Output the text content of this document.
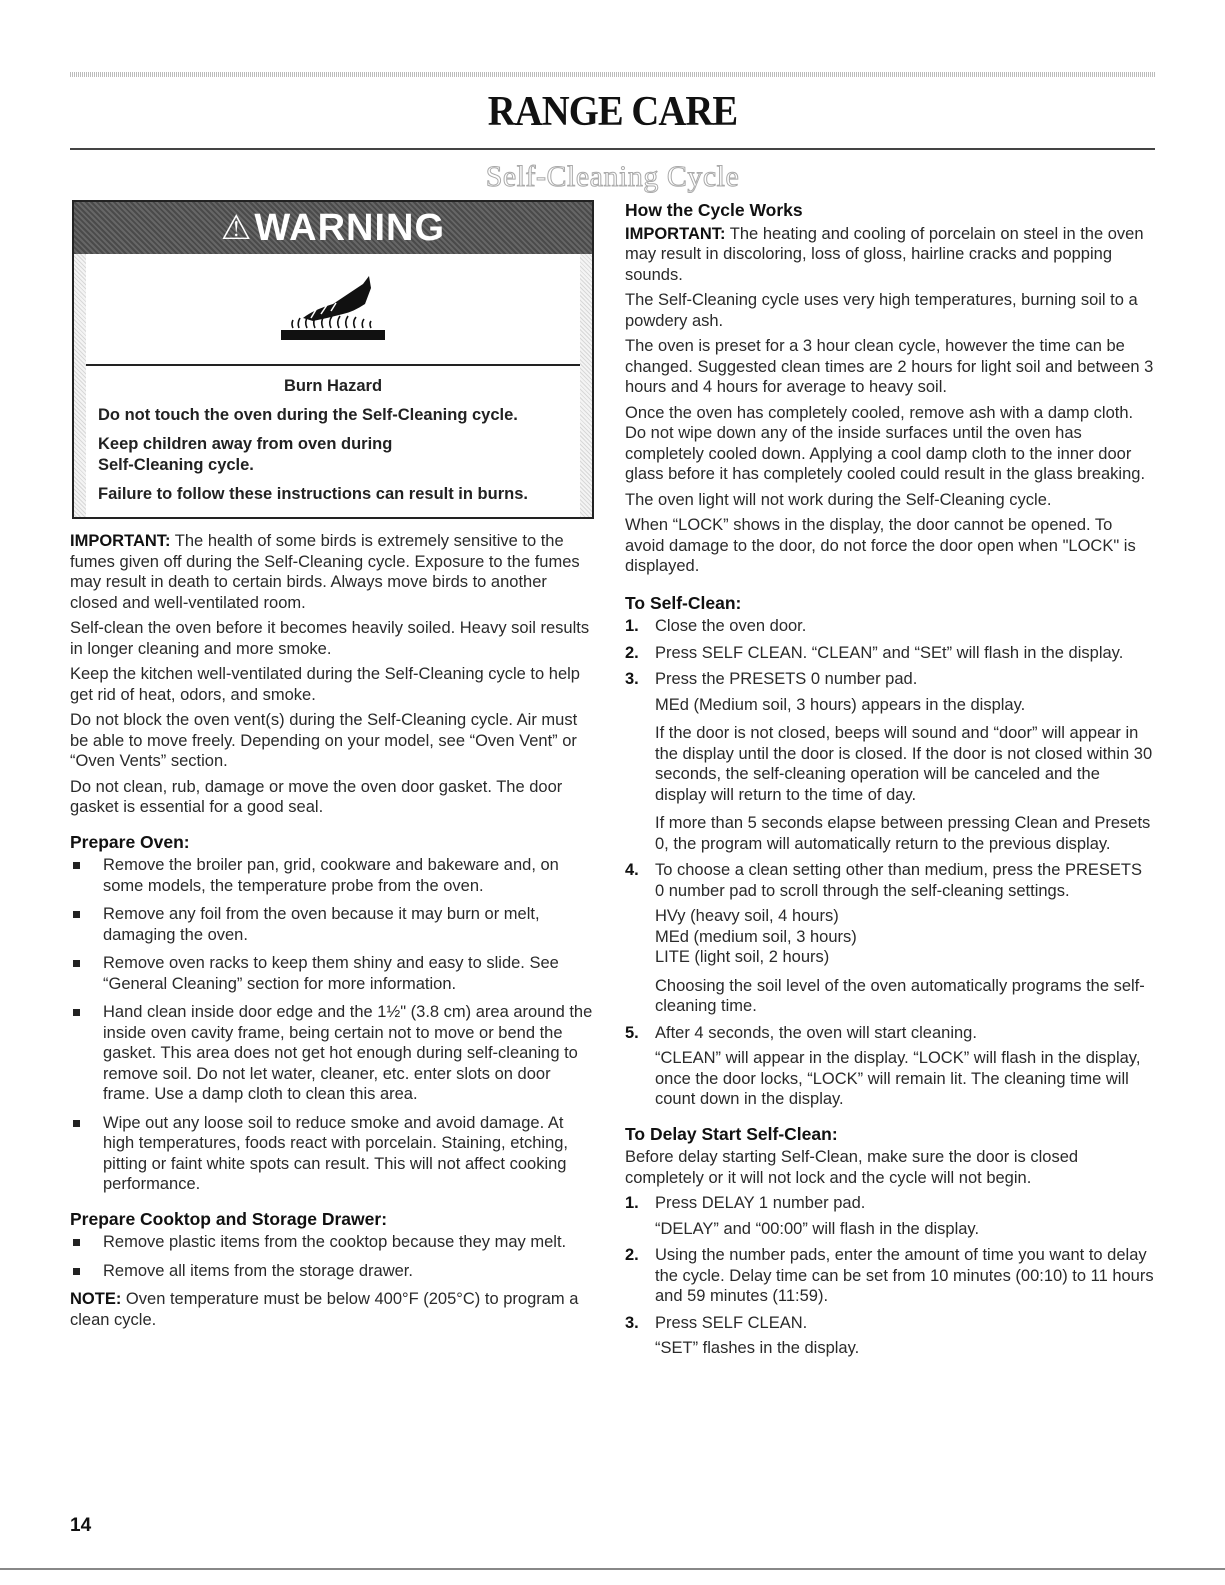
RANGE CARE
Self-Cleaning Cycle
⚠ WARNING
Burn Hazard

Do not touch the oven during the Self-Cleaning cycle.

Keep children away from oven during

Self-Cleaning cycle.

Failure to follow these instructions can result in burns.

IMPORTANT: The health of some birds is extremely sensitive to the fumes given off during the Self-Cleaning cycle. Exposure to the fumes may result in death to certain birds. Always move birds to another closed and well-ventilated room.
Self-clean the oven before it becomes heavily soiled. Heavy soil results in longer cleaning and more smoke.
Keep the kitchen well-ventilated during the Self-Cleaning cycle to help get rid of heat, odors, and smoke.
Do not block the oven vent(s) during the Self-Cleaning cycle. Air must be able to move freely. Depending on your model, see “Oven Vent” or “Oven Vents” section.
Do not clean, rub, damage or move the oven door gasket. The door gasket is essential for a good seal.
Prepare Oven:
Remove the broiler pan, grid, cookware and bakeware and, on some models, the temperature probe from the oven.
Remove any foil from the oven because it may burn or melt, damaging the oven.
Remove oven racks to keep them shiny and easy to slide. See “General Cleaning” section for more information.
Hand clean inside door edge and the 1½" (3.8 cm) area around the inside oven cavity frame, being certain not to move or bend the gasket. This area does not get hot enough during self-cleaning to remove soil. Do not let water, cleaner, etc. enter slots on door frame. Use a damp cloth to clean this area.
Wipe out any loose soil to reduce smoke and avoid damage. At high temperatures, foods react with porcelain. Staining, etching, pitting or faint white spots can result. This will not affect cooking performance.
Prepare Cooktop and Storage Drawer:
Remove plastic items from the cooktop because they may melt.
Remove all items from the storage drawer.
NOTE: Oven temperature must be below 400°F (205°C) to program a clean cycle.
How the Cycle Works
IMPORTANT: The heating and cooling of porcelain on steel in the oven may result in discoloring, loss of gloss, hairline cracks and popping sounds.
The Self-Cleaning cycle uses very high temperatures, burning soil to a powdery ash.
The oven is preset for a 3 hour clean cycle, however the time can be changed. Suggested clean times are 2 hours for light soil and between 3 hours and 4 hours for average to heavy soil.
Once the oven has completely cooled, remove ash with a damp cloth. Do not wipe down any of the inside surfaces until the oven has completely cooled down. Applying a cool damp cloth to the inner door glass before it has completely cooled could result in the glass breaking.
The oven light will not work during the Self-Cleaning cycle.
When “LOCK” shows in the display, the door cannot be opened. To avoid damage to the door, do not force the door open when "LOCK" is displayed.
To Self-Clean:
1. Close the oven door.
2. Press SELF CLEAN. “CLEAN” and “SEt” will flash in the display.
3. Press the PRESETS 0 number pad.
MEd (Medium soil, 3 hours) appears in the display.
If the door is not closed, beeps will sound and “door” will appear in the display until the door is closed. If the door is not closed within 30 seconds, the self-cleaning operation will be canceled and the display will return to the time of day.
If more than 5 seconds elapse between pressing Clean and Presets 0, the program will automatically return to the previous display.
4. To choose a clean setting other than medium, press the PRESETS 0 number pad to scroll through the self-cleaning settings.
HVy (heavy soil, 4 hours)
MEd (medium soil, 3 hours)
LITE (light soil, 2 hours)
Choosing the soil level of the oven automatically programs the self-cleaning time.
5. After 4 seconds, the oven will start cleaning.
“CLEAN” will appear in the display. “LOCK” will flash in the display, once the door locks, “LOCK” will remain lit. The cleaning time will count down in the display.
To Delay Start Self-Clean:
Before delay starting Self-Clean, make sure the door is closed completely or it will not lock and the cycle will not begin.
1. Press DELAY 1 number pad.
“DELAY” and “00:00” will flash in the display.
2. Using the number pads, enter the amount of time you want to delay the cycle. Delay time can be set from 10 minutes (00:10) to 11 hours and 59 minutes (11:59).
3. Press SELF CLEAN.
“SET” flashes in the display.
14
